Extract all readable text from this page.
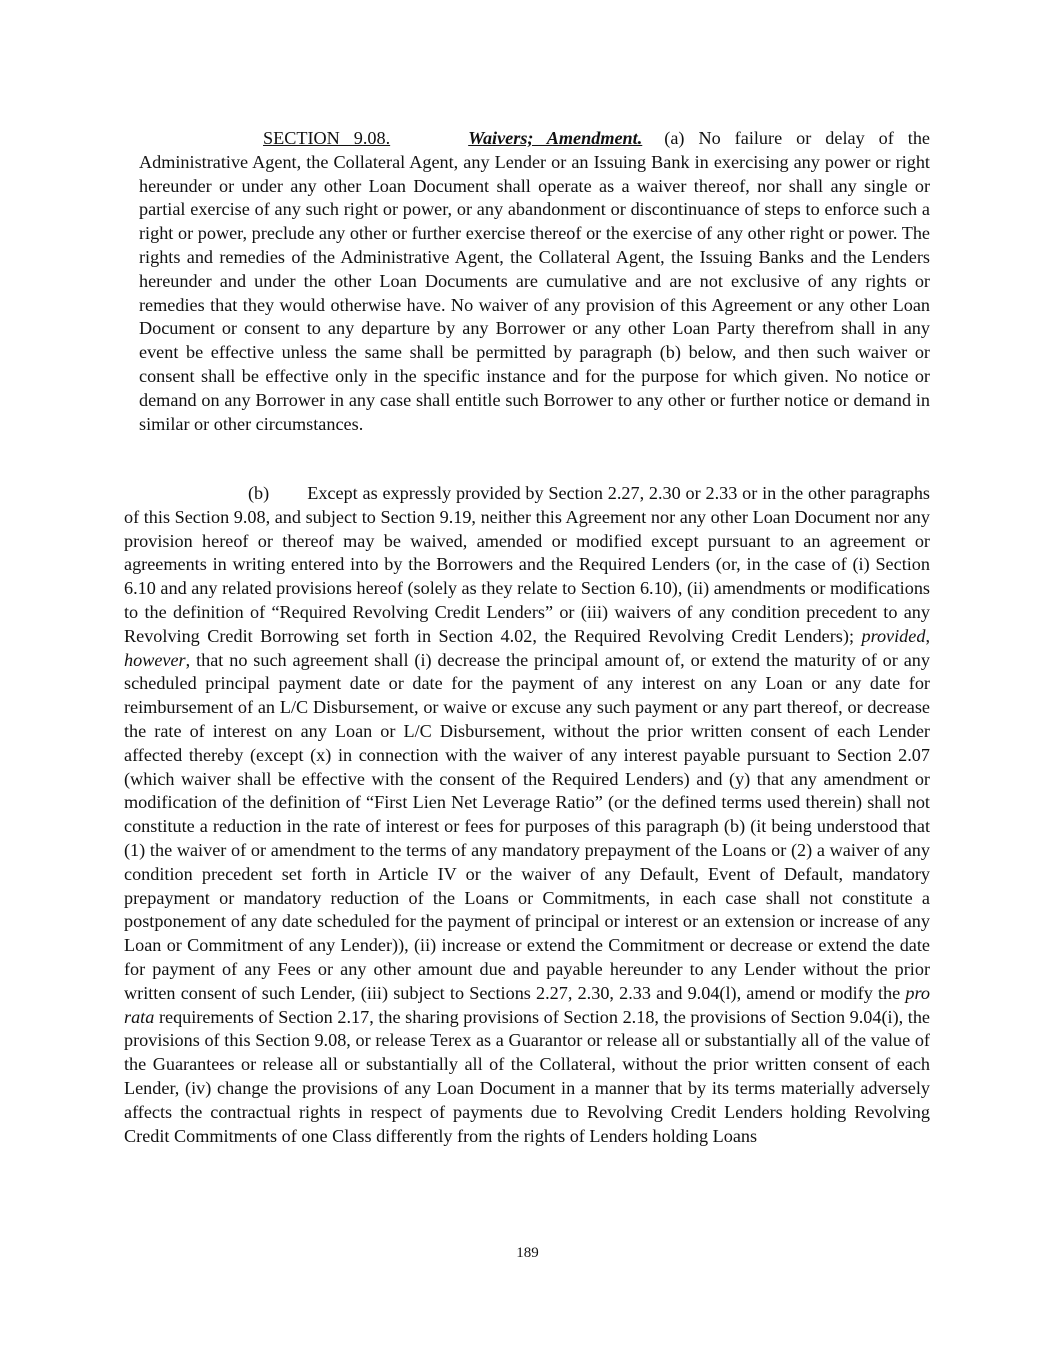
SECTION 9.08.	Waivers; Amendment. (a) No failure or delay of the Administrative Agent, the Collateral Agent, any Lender or an Issuing Bank in exercising any power or right hereunder or under any other Loan Document shall operate as a waiver thereof, nor shall any single or partial exercise of any such right or power, or any abandonment or discontinuance of steps to enforce such a right or power, preclude any other or further exercise thereof or the exercise of any other right or power. The rights and remedies of the Administrative Agent, the Collateral Agent, the Issuing Banks and the Lenders hereunder and under the other Loan Documents are cumulative and are not exclusive of any rights or remedies that they would otherwise have. No waiver of any provision of this Agreement or any other Loan Document or consent to any departure by any Borrower or any other Loan Party therefrom shall in any event be effective unless the same shall be permitted by paragraph (b) below, and then such waiver or consent shall be effective only in the specific instance and for the purpose for which given. No notice or demand on any Borrower in any case shall entitle such Borrower to any other or further notice or demand in similar or other circumstances.

(b) Except as expressly provided by Section 2.27, 2.30 or 2.33 or in the other paragraphs of this Section 9.08, and subject to Section 9.19, neither this Agreement nor any other Loan Document nor any provision hereof or thereof may be waived, amended or modified except pursuant to an agreement or agreements in writing entered into by the Borrowers and the Required Lenders (or, in the case of (i) Section 6.10 and any related provisions hereof (solely as they relate to Section 6.10), (ii) amendments or modifications to the definition of “Required Revolving Credit Lenders” or (iii) waivers of any condition precedent to any Revolving Credit Borrowing set forth in Section 4.02, the Required Revolving Credit Lenders); provided, however, that no such agreement shall (i) decrease the principal amount of, or extend the maturity of or any scheduled principal payment date or date for the payment of any interest on any Loan or any date for reimbursement of an L/C Disbursement, or waive or excuse any such payment or any part thereof, or decrease the rate of interest on any Loan or L/C Disbursement, without the prior written consent of each Lender affected thereby (except (x) in connection with the waiver of any interest payable pursuant to Section 2.07 (which waiver shall be effective with the consent of the Required Lenders) and (y) that any amendment or modification of the definition of “First Lien Net Leverage Ratio” (or the defined terms used therein) shall not constitute a reduction in the rate of interest or fees for purposes of this paragraph (b) (it being understood that (1) the waiver of or amendment to the terms of any mandatory prepayment of the Loans or (2) a waiver of any condition precedent set forth in Article IV or the waiver of any Default, Event of Default, mandatory prepayment or mandatory reduction of the Loans or Commitments, in each case shall not constitute a postponement of any date scheduled for the payment of principal or interest or an extension or increase of any Loan or Commitment of any Lender)), (ii) increase or extend the Commitment or decrease or extend the date for payment of any Fees or any other amount due and payable hereunder to any Lender without the prior written consent of such Lender, (iii) subject to Sections 2.27, 2.30, 2.33 and 9.04(l), amend or modify the pro rata requirements of Section 2.17, the sharing provisions of Section 2.18, the provisions of Section 9.04(i), the provisions of this Section 9.08, or release Terex as a Guarantor or release all or substantially all of the value of the Guarantees or release all or substantially all of the Collateral, without the prior written consent of each Lender, (iv) change the provisions of any Loan Document in a manner that by its terms materially adversely affects the contractual rights in respect of payments due to Revolving Credit Lenders holding Revolving Credit Commitments of one Class differently from the rights of Lenders holding Loans

189
